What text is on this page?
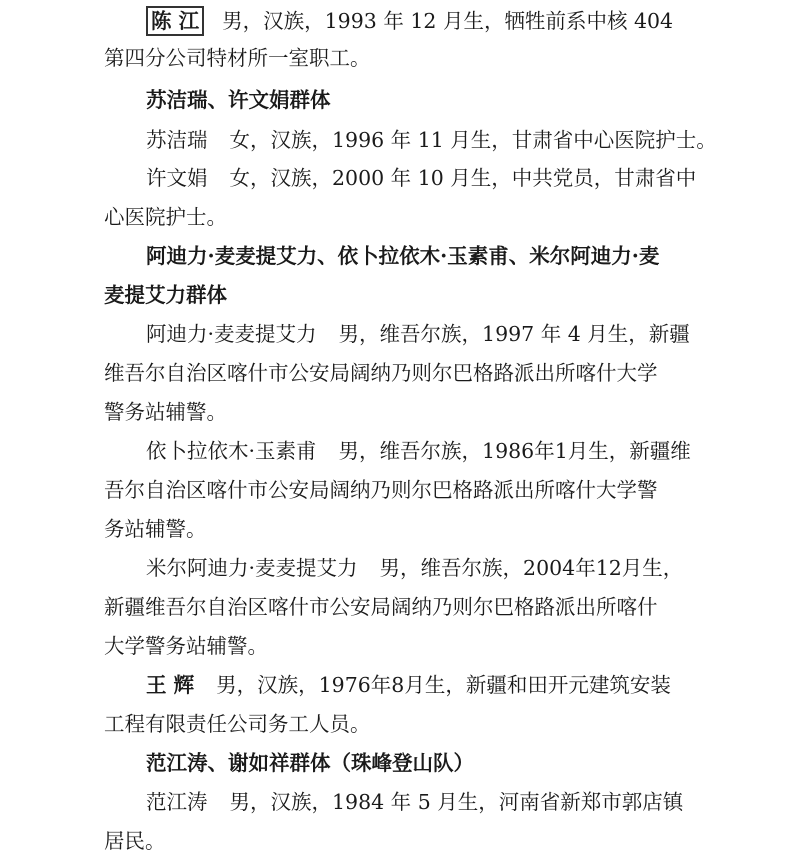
陈 江 男，汉族，1993 年 12 月生，牺牲前系中核 404
第四分公司特材所一室职工。
苏洁瑞、许文娟群体
苏洁瑞 女，汉族，1996 年 11 月生，甘肃省中心医院护士。
许文娟 女，汉族，2000 年 10 月生，中共党员，甘肃省中
心医院护士。
阿迪力·麦麦提艾力、依卜拉依木·玉素甫、米尔阿迪力·麦
麦提艾力群体
阿迪力·麦麦提艾力 男，维吾尔族，1997 年 4 月生，新疆
维吾尔自治区喀什市公安局阔纳乃则尔巴格路派出所喀什大学
警务站辅警。
依卜拉依木·玉素甫 男，维吾尔族，1986年1月生，新疆维
吾尔自治区喀什市公安局阔纳乃则尔巴格路派出所喀什大学警
务站辅警。
米尔阿迪力·麦麦提艾力 男，维吾尔族，2004年12月生，
新疆维吾尔自治区喀什市公安局阔纳乃则尔巴格路派出所喀什
大学警务站辅警。
王 辉 男，汉族，1976年8月生，新疆和田开元建筑安装
工程有限责任公司务工人员。
范江涛、谢如祥群体（珠峰登山队）
范江涛 男，汉族，1984 年 5 月生，河南省新郑市郭店镇
居民。
